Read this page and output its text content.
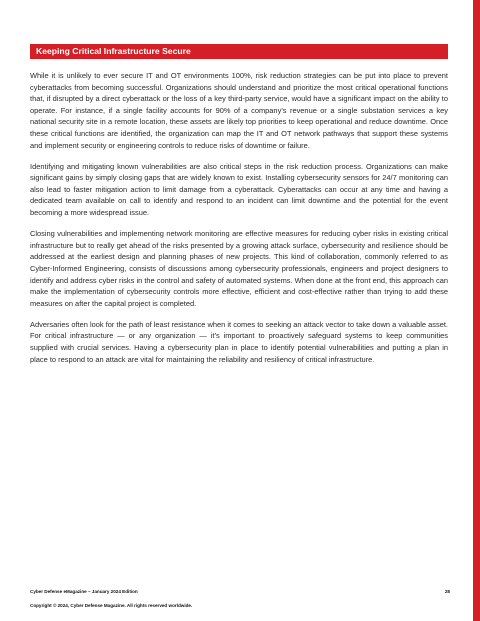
Keeping Critical Infrastructure Secure

While it is unlikely to ever secure IT and OT environments 100%, risk reduction strategies can be put into place to prevent cyberattacks from becoming successful. Organizations should understand and prioritize the most critical operational functions that, if disrupted by a direct cyberattack or the loss of a key third-party service, would have a significant impact on the ability to operate. For instance, if a single facility accounts for 90% of a company’s revenue or a single substation services a key national security site in a remote location, these assets are likely top priorities to keep operational and reduce downtime. Once these critical functions are identified, the organization can map the IT and OT network pathways that support these systems and implement security or engineering controls to reduce risks of downtime or failure.

Identifying and mitigating known vulnerabilities are also critical steps in the risk reduction process. Organizations can make significant gains by simply closing gaps that are widely known to exist. Installing cybersecurity sensors for 24/7 monitoring can also lead to faster mitigation action to limit damage from a cyberattack. Cyberattacks can occur at any time and having a dedicated team available on call to identify and respond to an incident can limit downtime and the potential for the event becoming a more widespread issue.

Closing vulnerabilities and implementing network monitoring are effective measures for reducing cyber risks in existing critical infrastructure but to really get ahead of the risks presented by a growing attack surface, cybersecurity and resilience should be addressed at the earliest design and planning phases of new projects. This kind of collaboration, commonly referred to as Cyber-Informed Engineering, consists of discussions among cybersecurity professionals, engineers and project designers to identify and address cyber risks in the control and safety of automated systems. When done at the front end, this approach can make the implementation of cybersecurity controls more effective, efficient and cost-effective rather than trying to add these measures on after the capital project is completed.

Adversaries often look for the path of least resistance when it comes to seeking an attack vector to take down a valuable asset. For critical infrastructure — or any organization — it’s important to proactively safeguard systems to keep communities supplied with crucial services. Having a cybersecurity plan in place to identify potential vulnerabilities and putting a plan in place to respond to an attack are vital for maintaining the reliability and resiliency of critical infrastructure.

Cyber Defense eMagazine – January 2024 Edition	28
Copyright © 2024, Cyber Defense Magazine. All rights reserved worldwide.
